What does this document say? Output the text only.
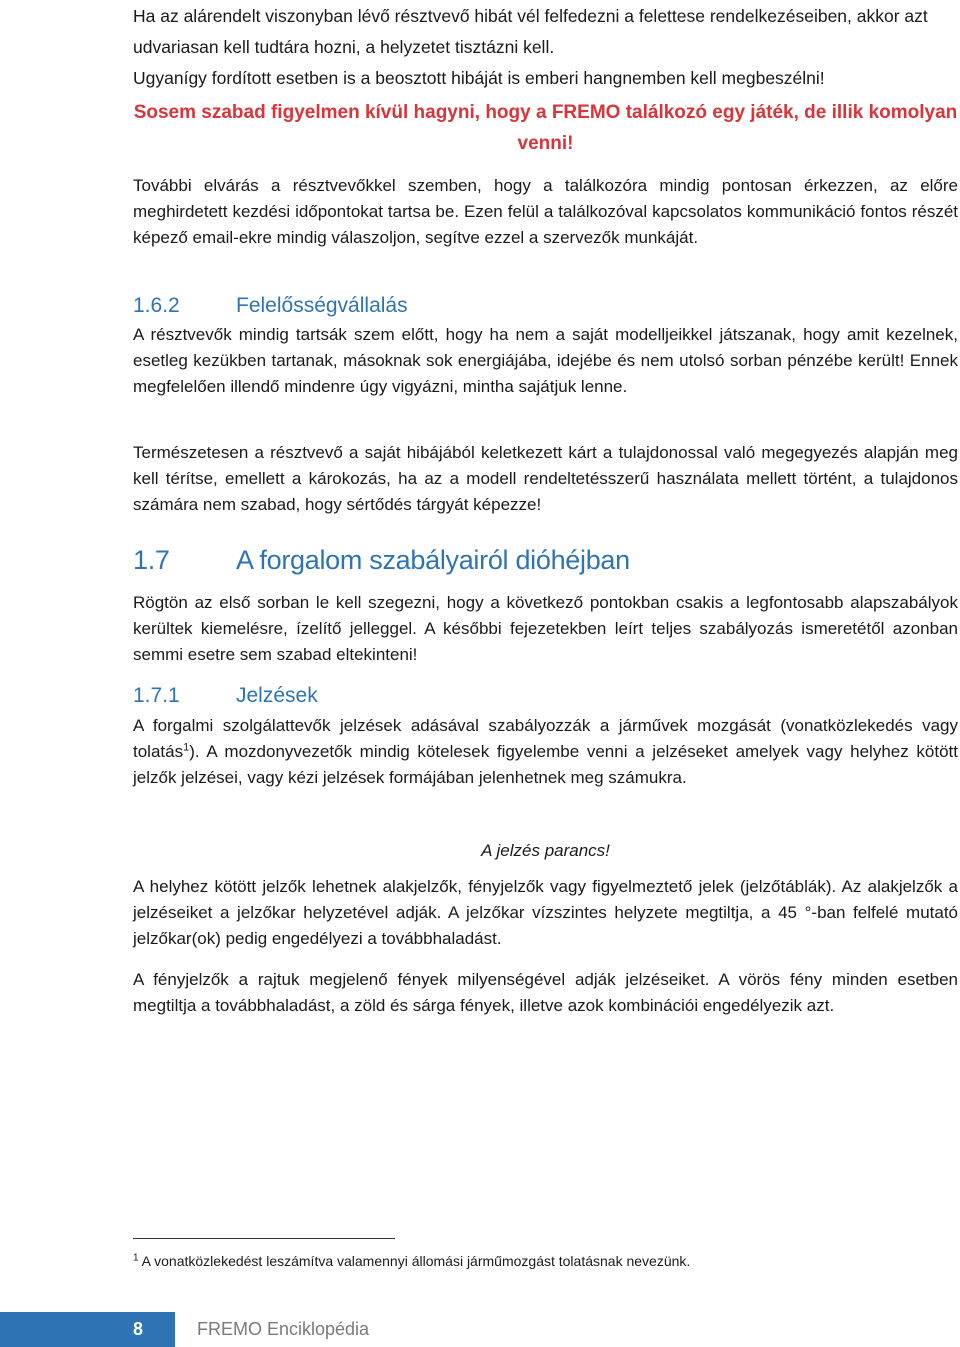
Ha az alárendelt viszonyban lévő résztvevő hibát vél felfedezni a felettese rendelkezéseiben, akkor azt udvariasan kell tudtára hozni, a helyzetet tisztázni kell.
Ugyanígy fordított esetben is a beosztott hibáját is emberi hangnemben kell megbeszélni!
Sosem szabad figyelmen kívül hagyni, hogy a FREMO találkozó egy játék, de illik komolyan venni!

További elvárás a résztvevőkkel szemben, hogy a találkozóra mindig pontosan érkezzen, az előre meghirdetett kezdési időpontokat tartsa be. Ezen felül a találkozóval kapcsolatos kommunikáció fontos részét képező email-ekre mindig válaszoljon, segítve ezzel a szervezők munkáját.

1.6.2	Felelősségvállalás

A résztvevők mindig tartsák szem előtt, hogy ha nem a saját modelljeikkel játszanak, hogy amit kezelnek, esetleg kezükben tartanak, másoknak sok energiájába, idejébe és nem utolsó sorban pénzébe került! Ennek megfelelően illendő mindenre úgy vigyázni, mintha sajátjuk lenne.

Természetesen a résztvevő a saját hibájából keletkezett kárt a tulajdonossal való megegyezés alapján meg kell térítse, emellett a károkozás, ha az a modell rendeltetésszerű használata mellett történt, a tulajdonos számára nem szabad, hogy sértődés tárgyát képezze!

1.7 A forgalom szabályairól dióhéjban

Rögtön az első sorban le kell szegezni, hogy a következő pontokban csakis a legfontosabb alapszabályok kerültek kiemelésre, ízelítő jelleggel. A későbbi fejezetekben leírt teljes szabályozás ismeretétől azonban semmi esetre sem szabad eltekinteni!

1.7.1	Jelzések

A forgalmi szolgálattevők jelzések adásával szabályozzák a járművek mozgását (vonatközlekedés vagy tolatás$^1$). A mozdonyvezetők mindig kötelesek figyelembe venni a jelzéseket amelyek vagy helyhez kötött jelzők jelzései, vagy kézi jelzések formájában jelenhetnek meg számukra.

A jelzés parancs!

A helyhez kötött jelzők lehetnek alakjelzők, fényjelzők vagy figyelmeztető jelek (jelzőtáblák). Az alakjelzők a jelzéseiket a jelzőkar helyzetével adják. A jelzőkar vízszintes helyzete megtiltja, a 45 °-ban felfelé mutató jelzőkar(ok) pedig engedélyezi a továbbhaladást.

A fényjelzők a rajtuk megjelenő fények milyenségével adják jelzéseiket. A vörös fény minden esetben megtiltja a továbbhaladást, a zöld és sárga fények, illetve azok kombinációi engedélyezik azt.

$^1$ A vonatközlekedést leszámítva valamennyi állomási járműmozgást tolatásnak nevezünk.

8	FREMO Enciklopédia
